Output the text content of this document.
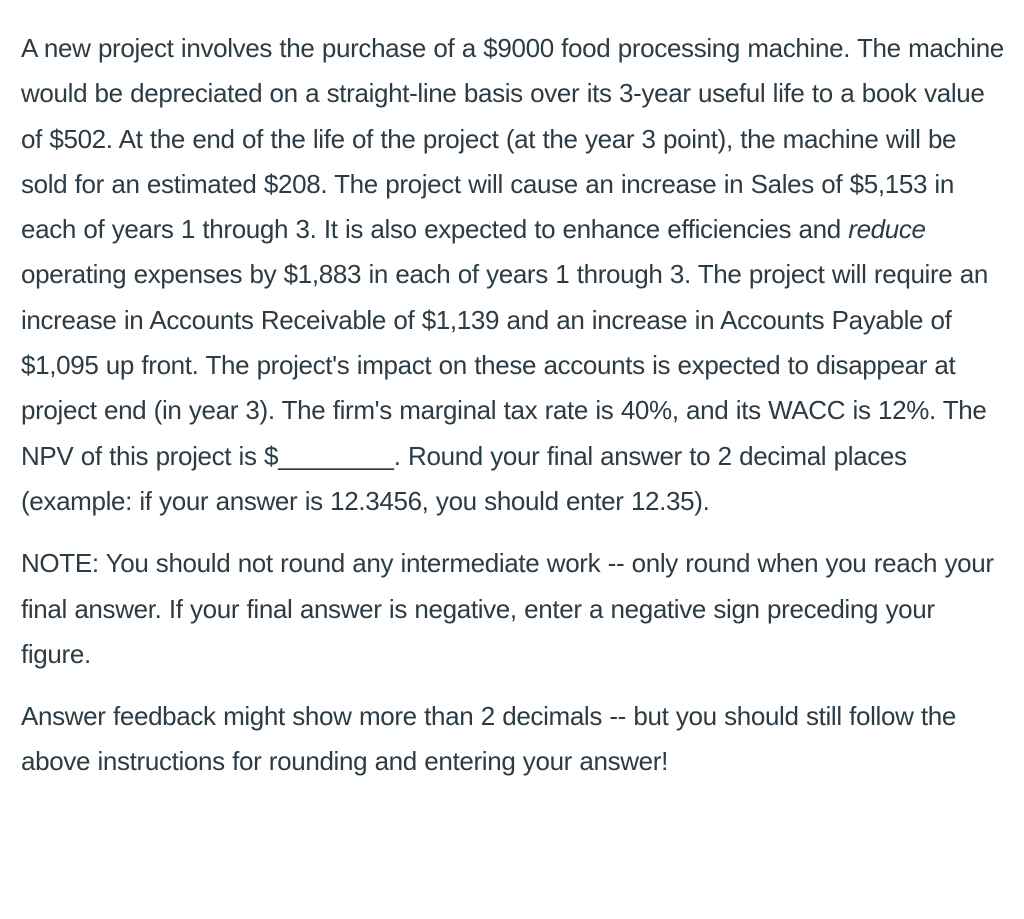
A new project involves the purchase of a $9000 food processing machine. The machine would be depreciated on a straight-line basis over its 3-year useful life to a book value of $502. At the end of the life of the project (at the year 3 point), the machine will be sold for an estimated $208. The project will cause an increase in Sales of $5,153 in each of years 1 through 3. It is also expected to enhance efficiencies and reduce operating expenses by $1,883 in each of years 1 through 3. The project will require an increase in Accounts Receivable of $1,139 and an increase in Accounts Payable of $1,095 up front. The project's impact on these accounts is expected to disappear at project end (in year 3). The firm's marginal tax rate is 40%, and its WACC is 12%. The NPV of this project is $________. Round your final answer to 2 decimal places (example: if your answer is 12.3456, you should enter 12.35).

NOTE: You should not round any intermediate work -- only round when you reach your final answer. If your final answer is negative, enter a negative sign preceding your figure.

Answer feedback might show more than 2 decimals -- but you should still follow the above instructions for rounding and entering your answer!
